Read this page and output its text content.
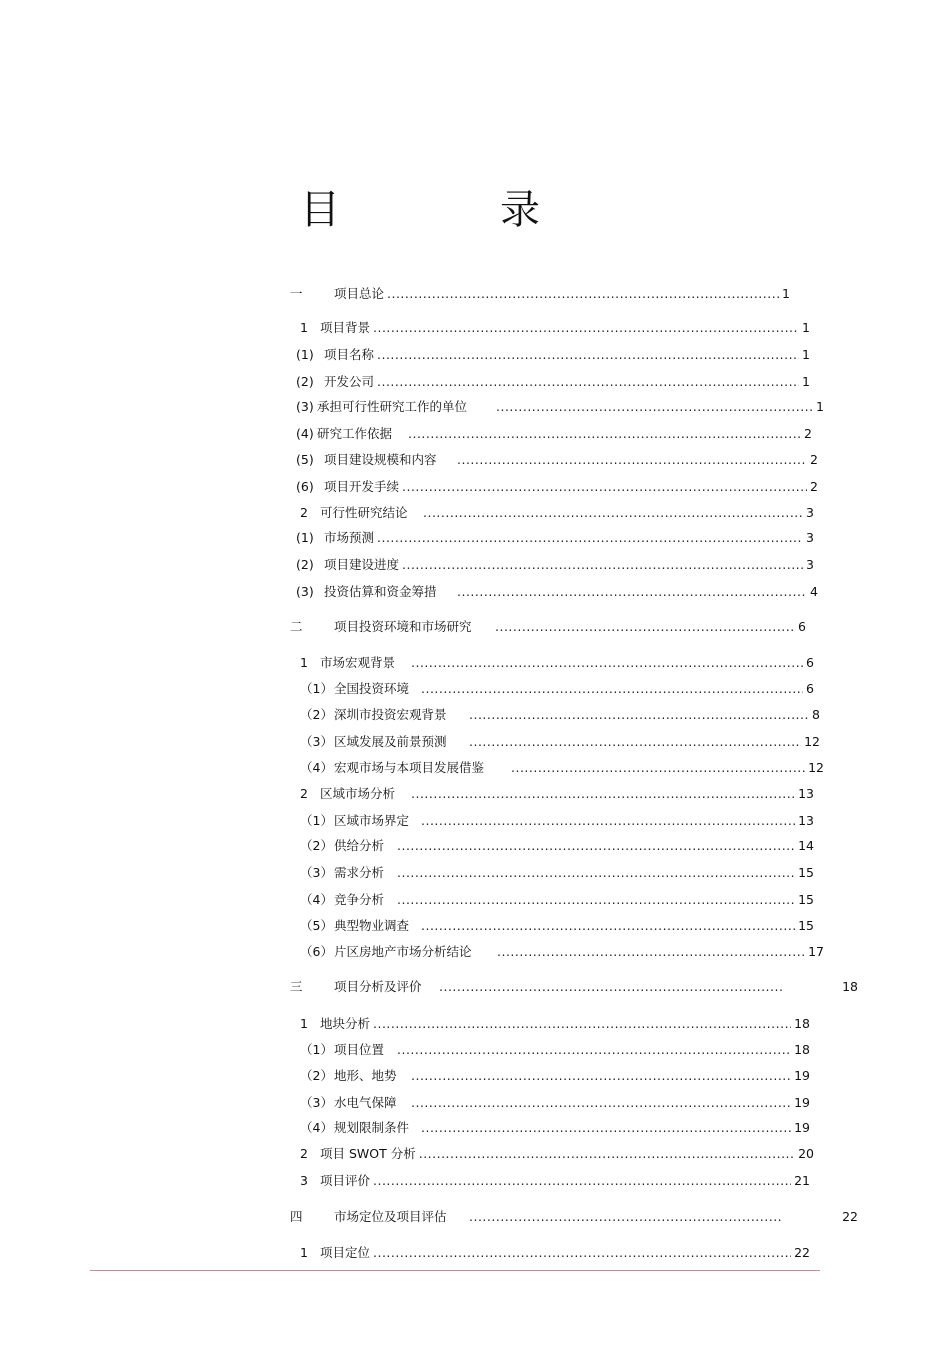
目　录
一	项目总论 .....	1
1 项目背景 .....	1
(1) 项目名称 .....	1
(2) 开发公司 .....	1
(3) 承担可行性研究工作的单位 .....	1
(4) 研究工作依据 .....	2
(5) 项目建设规模和内容 .....	2
(6) 项目开发手续 .....	2
2 可行性研究结论 .....	3
(1) 市场预测 .....	3
(2) 项目建设进度 .....	3
(3) 投资估算和资金筹措 .....	4
二	项目投资环境和市场研究 .....	6
1 市场宏观背景 .....	6
（1） 全国投资环境 .....	6
（2） 深圳市投资宏观背景 .....	8
（3） 区域发展及前景预测 .....	12
（4） 宏观市场与本项目发展借鉴 .....	12
2 区域市场分析 .....	13
（1） 区域市场界定 .....	13
（2） 供给分析 .....	14
（3） 需求分析 .....	15
（4） 竞争分析 .....	15
（5） 典型物业调查 .....	15
（6） 片区房地产市场分析结论 .....	17
三	项目分析及评价 .....	18
1 地块分析 .....	18
（1） 项目位置 .....	18
（2） 地形、地势 .....	19
（3） 水电气保障 .....	19
（4） 规划限制条件 .....	19
2 项目 SWOT 分析 .....	20
3 项目评价 .....	21
四	市场定位及项目评估 .....	22
1 项目定位 .....	22
